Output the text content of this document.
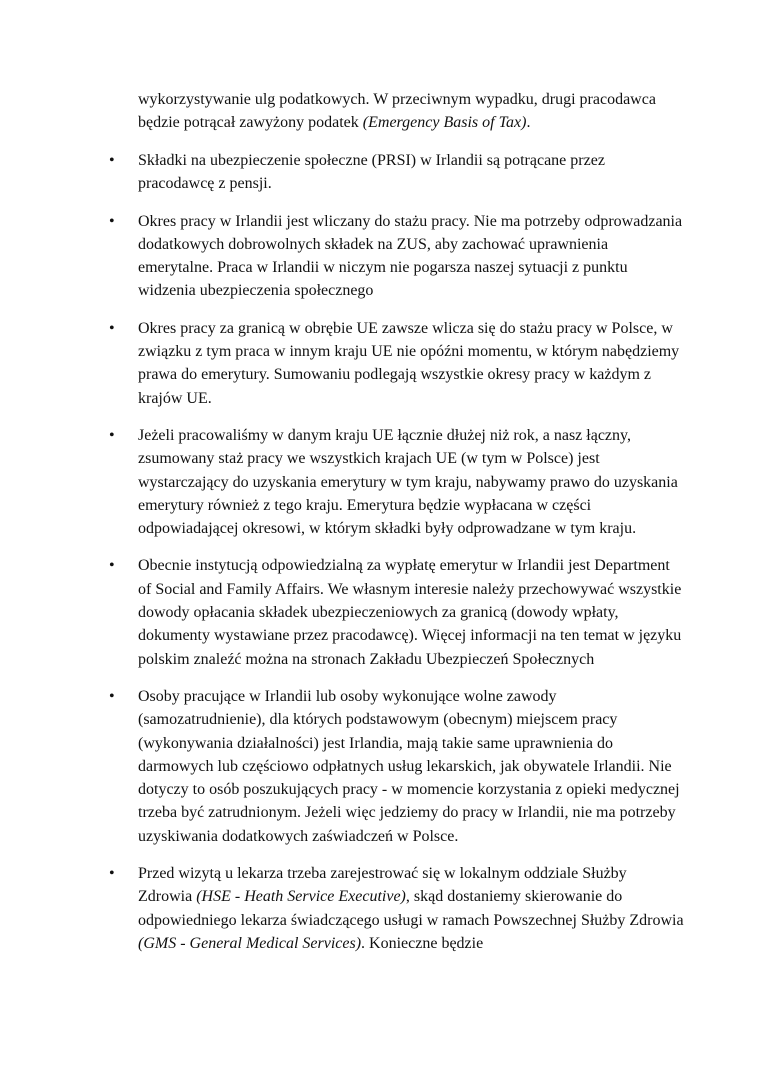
wykorzystywanie ulg podatkowych. W przeciwnym wypadku, drugi pracodawca będzie potrącał zawyżony podatek (Emergency Basis of Tax).

•	Składki na ubezpieczenie społeczne (PRSI) w Irlandii są potrącane przez pracodawcę z pensji.
•	Okres pracy w Irlandii jest wliczany do stażu pracy. Nie ma potrzeby odprowadzania dodatkowych dobrowolnych składek na ZUS, aby zachować uprawnienia emerytalne. Praca w Irlandii w niczym nie pogarsza naszej sytuacji z punktu widzenia ubezpieczenia społecznego
•	Okres pracy za granicą w obrębie UE zawsze wlicza się do stażu pracy w Polsce, w związku z tym praca w innym kraju UE nie opóźni momentu, w którym nabędziemy prawa do emerytury. Sumowaniu podlegają wszystkie okresy pracy w każdym z krajów UE.
•	Jeżeli pracowaliśmy w danym kraju UE łącznie dłużej niż rok, a nasz łączny, zsumowany staż pracy we wszystkich krajach UE (w tym w Polsce) jest wystarczający do uzyskania emerytury w tym kraju, nabywamy prawo do uzyskania emerytury również z tego kraju. Emerytura będzie wypłacana w części odpowiadającej okresowi, w którym składki były odprowadzane w tym kraju.
•	Obecnie instytucją odpowiedzialną za wypłatę emerytur w Irlandii jest Department of Social and Family Affairs. We własnym interesie należy przechowywać wszystkie dowody opłacania składek ubezpieczeniowych za granicą (dowody wpłaty, dokumenty wystawiane przez pracodawcę). Więcej informacji na ten temat w języku polskim znaleźć można na stronach Zakładu Ubezpieczeń Społecznych
•	Osoby pracujące w Irlandii lub osoby wykonujące wolne zawody (samozatrudnienie), dla których podstawowym (obecnym) miejscem pracy (wykonywania działalności) jest Irlandia, mają takie same uprawnienia do darmowych lub częściowo odpłatnych usług lekarskich, jak obywatele Irlandii. Nie dotyczy to osób poszukujących pracy - w momencie korzystania z opieki medycznej trzeba być zatrudnionym. Jeżeli więc jedziemy do pracy w Irlandii, nie ma potrzeby uzyskiwania dodatkowych zaświadczeń w Polsce.
•	Przed wizytą u lekarza trzeba zarejestrować się w lokalnym oddziale Służby Zdrowia (HSE - Heath Service Executive), skąd dostaniemy skierowanie do odpowiedniego lekarza świadczącego usługi w ramach Powszechnej Służby Zdrowia (GMS - General Medical Services). Konieczne będzie
